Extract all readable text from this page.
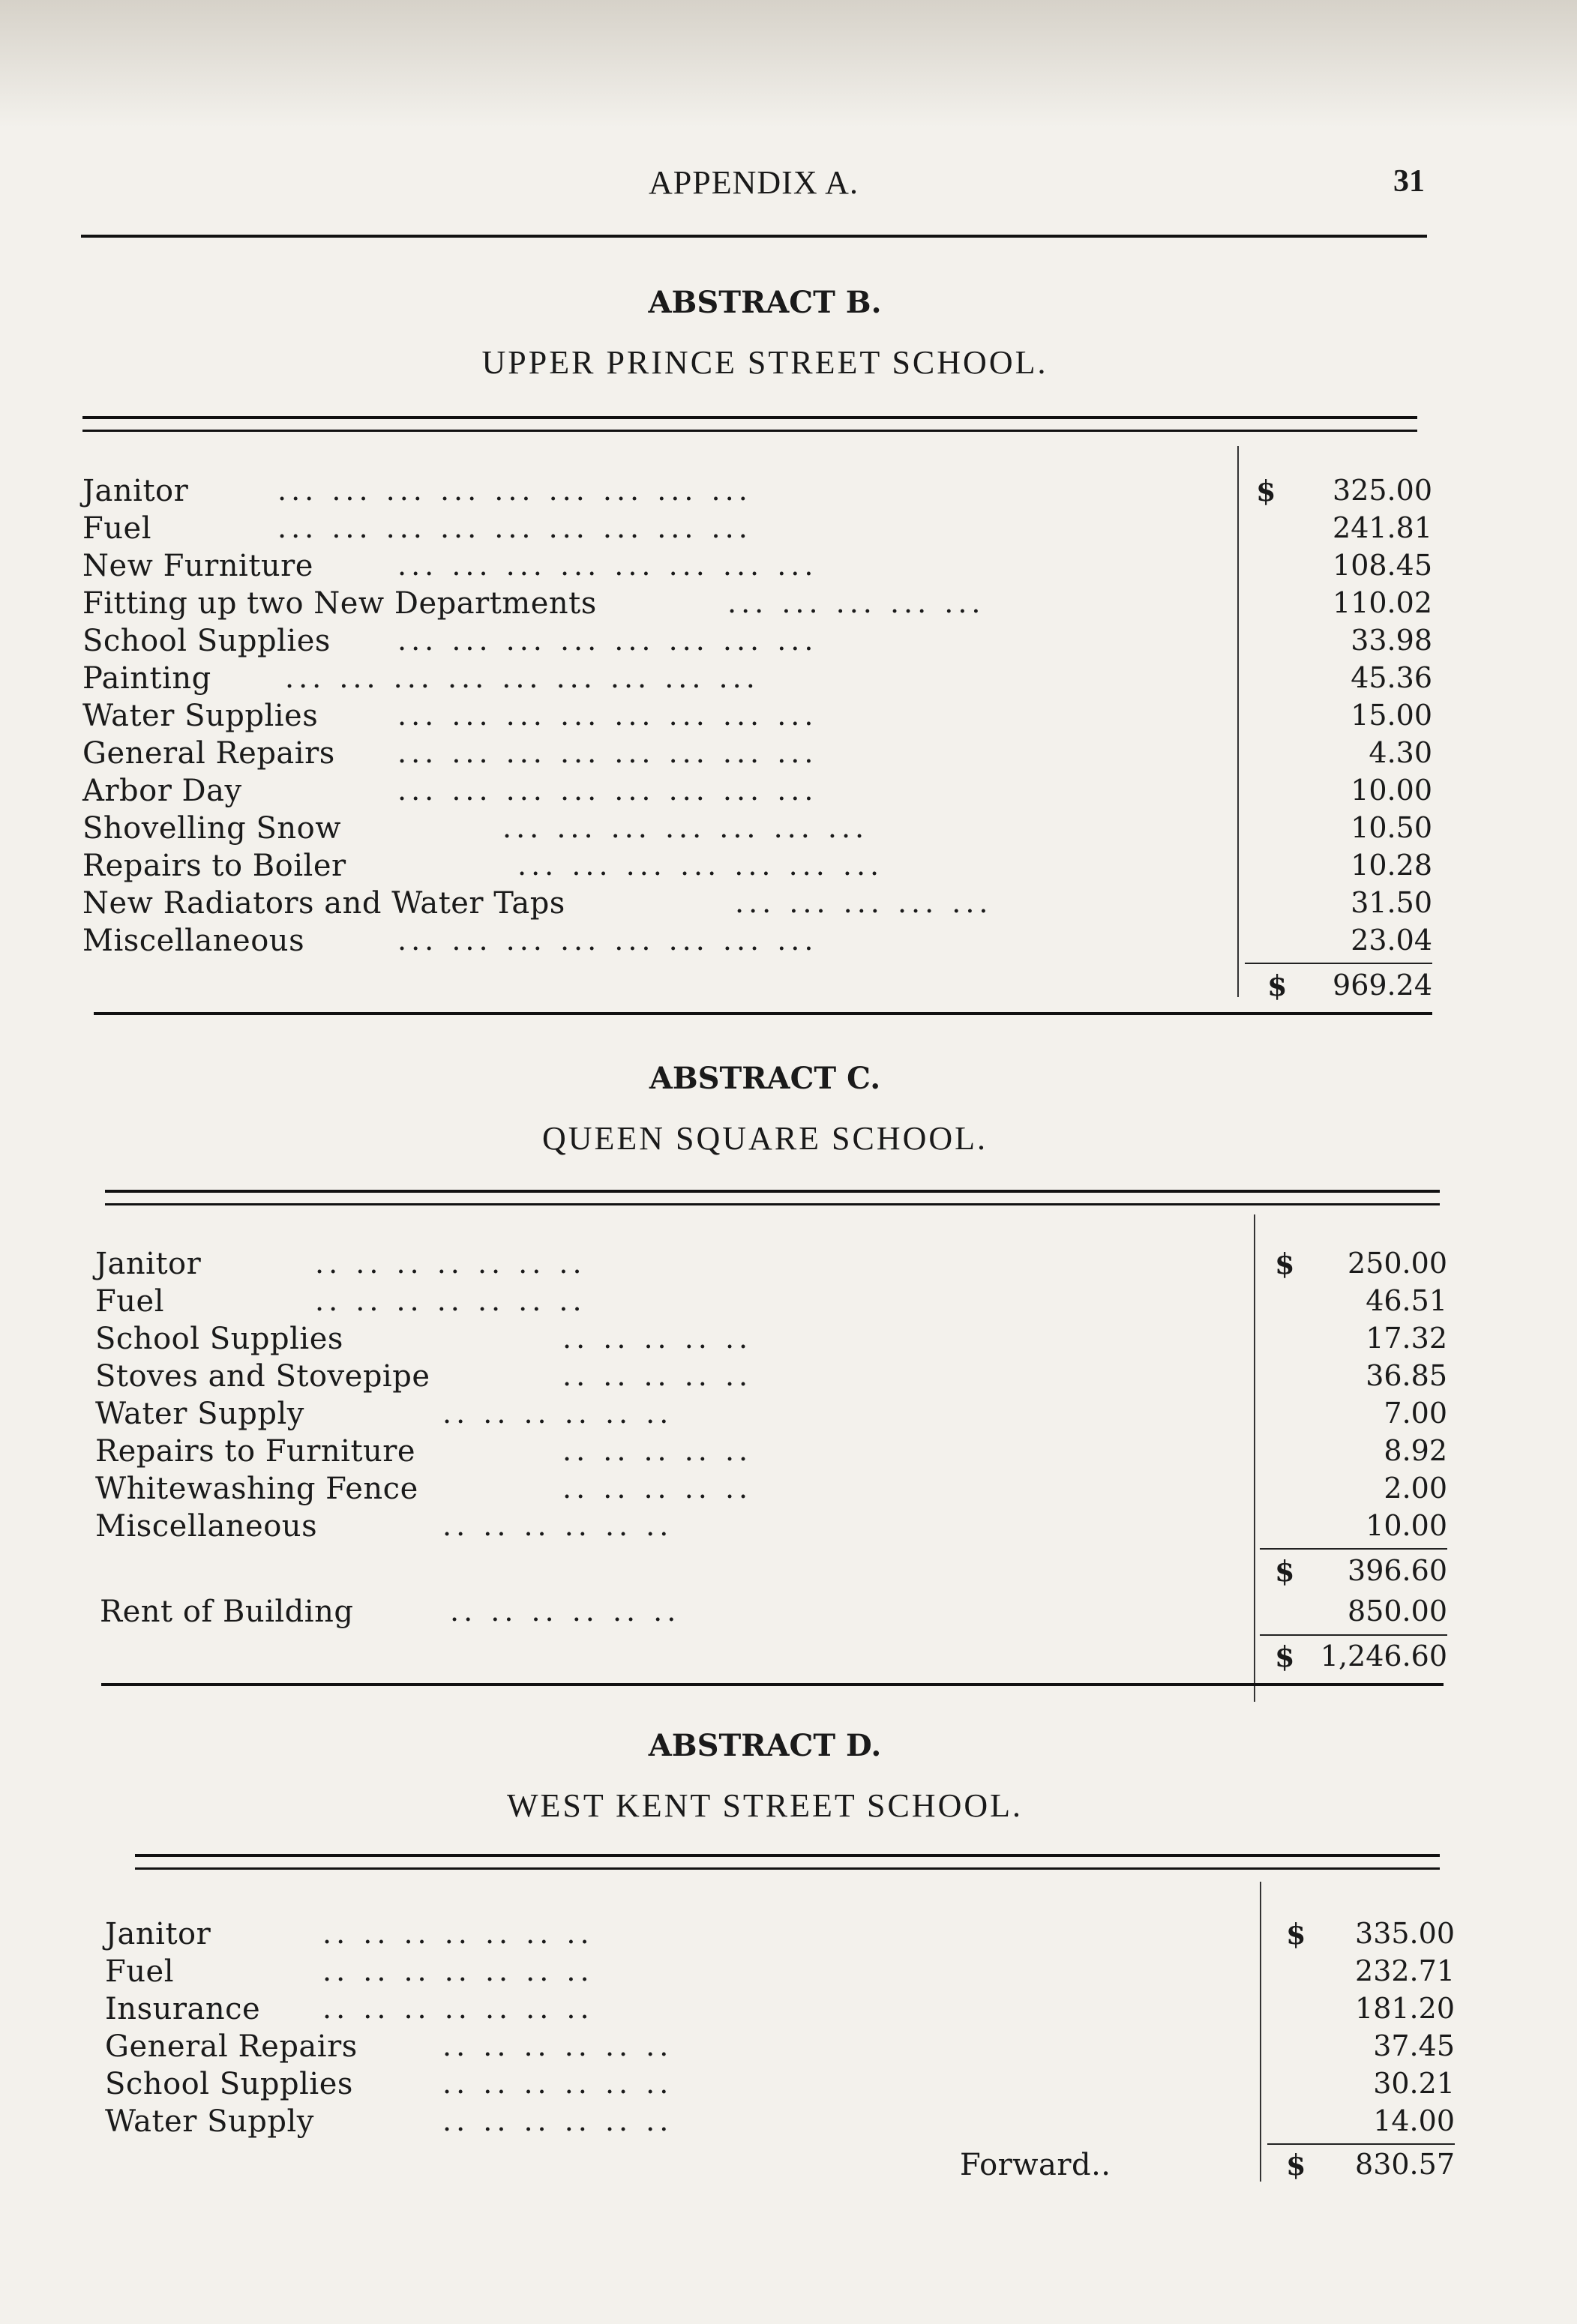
APPENDIX A.	31
ABSTRACT B.
UPPER PRINCE STREET SCHOOL.
Janitor	... ... ... ... ... ... ... ... ...	$	325.00
Fuel	... ... ... ... ... ... ... ... ...	241.81
New Furniture	... ... ... ... ... ... ... ...	108.45
Fitting up two New Departments	... ... ... ... ...	110.02
School Supplies ... ... ... ... ... ... ... ...	33.98
Painting	... ... ... ... ... ... ... ... ...	45.36
Water Supplies	... ... ... ... ... ... ... ...	15.00
General Repairs ... ... ... ... ... ... ... ...	4.30
Arbor Day	... ... ... ... ... ... ... ...	10.00
Shovelling Snow	... ... ... ... ... ... ...	10.50
Repairs to Boiler	... ... ... ... ... ... ...	10.28
New Radiators and Water Taps	... ... ... ... ...	31.50
Miscellaneous	... ... ... ... ... ... ... ...	23.04
$	969.24
ABSTRACT C.
QUEEN SQUARE SCHOOL.
Janitor	.. .. .. .. .. .. ..	$	250.00
Fuel	.. .. .. .. .. .. ..	46.51
School Supplies	.. .. .. .. ..	17.32
Stoves and Stovepipe	.. .. .. .. ..	36.85
Water Supply	.. .. .. .. .. ..	7.00
Repairs to Furniture	.. .. .. .. ..	8.92
Whitewashing Fence	.. .. .. .. ..	2.00
Miscellaneous	.. .. .. .. .. ..	10.00
$	396.60
Rent of Building	.. .. .. .. .. ..	850.00
$ 1,246.60
ABSTRACT D.
WEST KENT STREET SCHOOL.
Janitor	.. .. .. .. .. .. ..	$	335.00
Fuel	.. .. .. .. .. .. ..	232.71
Insurance .. .. .. .. .. .. ..	181.20
General Repairs	.. .. .. .. .. ..	37.45
School Supplies	.. .. .. .. .. ..	30.21
Water Supply	.. .. .. .. .. ..	14.00
Forward..	$	830.57
